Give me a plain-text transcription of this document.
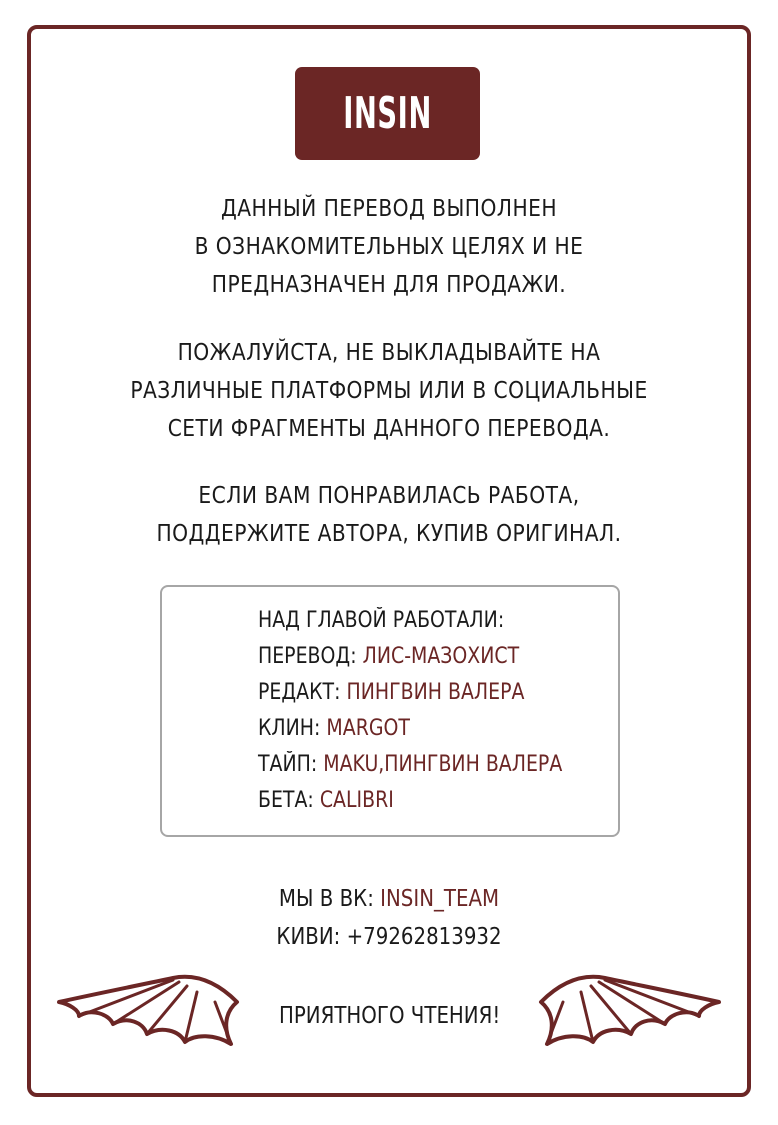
INSIN
ДАННЫЙ ПЕРЕВОД ВЫПОЛНЕН
В ОЗНАКОМИТЕЛЬНЫХ ЦЕЛЯХ И НЕ
ПРЕДНАЗНАЧЕН ДЛЯ ПРОДАЖИ.
ПОЖАЛУЙСТА, НЕ ВЫКЛАДЫВАЙТЕ НА
РАЗЛИЧНЫЕ ПЛАТФОРМЫ ИЛИ В СОЦИАЛЬНЫЕ
СЕТИ ФРАГМЕНТЫ ДАННОГО ПЕРЕВОДА.
ЕСЛИ ВАМ ПОНРАВИЛАСЬ РАБОТА,
ПОДДЕРЖИТЕ АВТОРА, КУПИВ ОРИГИНАЛ.
НАД ГЛАВОЙ РАБОТАЛИ:
ПЕРЕВОД: ЛИС-МАЗОХИСТ
РЕДАКТ: ПИНГВИН ВАЛЕРА
КЛИН: MARGOT
ТАЙП: MAKU,ПИНГВИН ВАЛЕРА
БЕТА: CALIBRI
МЫ В ВК: INSIN_TEAM
КИВИ: +79262813932
ПРИЯТНОГО ЧТЕНИЯ!
